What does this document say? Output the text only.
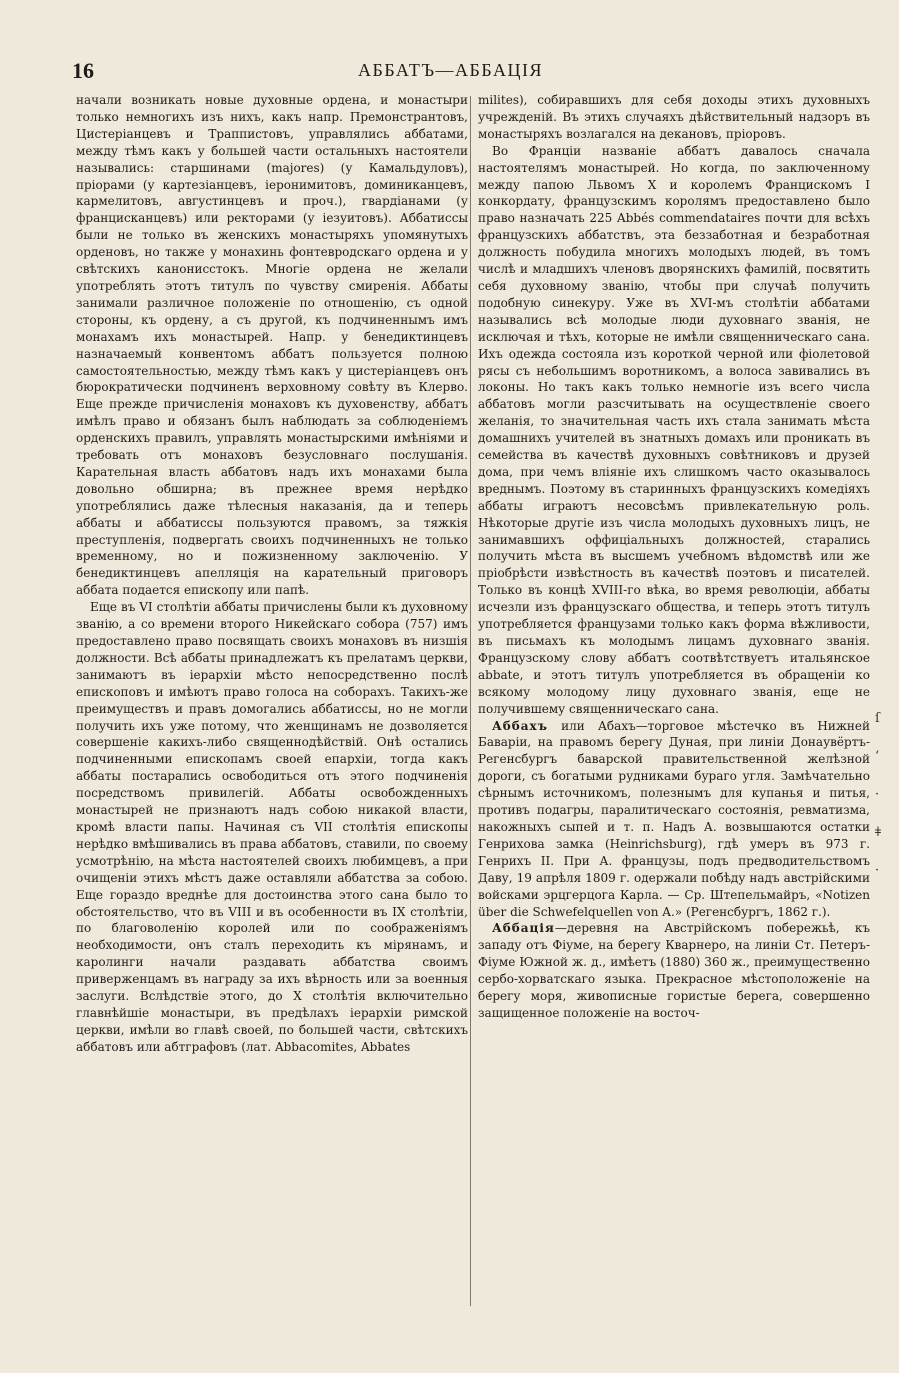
16	АББАТЪ—АББАЦІЯ

начали возникать новые духовные ордена, и монастыри только немногихъ изъ нихъ, какъ напр. Премонстрантовъ, Цистеріанцевъ и Траппистовъ, управлялись аббатами, между тѣмъ какъ у большей части остальныхъ настоятели назывались: старшинами (majores) (у Камальдуловъ), пріорами (у картезіанцевъ, іеронимитовъ, доминиканцевъ, кармелитовъ, августинцевъ и проч.), гвардіанами (у францисканцевъ) или ректорами (у іезуитовъ). Аббатиссы были не только въ женскихъ монастыряхъ упомянутыхъ орденовъ, но также у монахинь фонтевродскаго ордена и у свѣтскихъ канонисстокъ. Многіе ордена не желали употреблять этотъ титулъ по чувству смиренія. Аббаты занимали различное положеніе по отношенію, съ одной стороны, къ ордену, а съ другой, къ подчиненнымъ имъ монахамъ ихъ монастырей. Напр. у бенедиктинцевъ назначаемый конвентомъ аббатъ пользуется полною самостоятельностью, между тѣмъ какъ у цистеріанцевъ онъ бюрократически подчиненъ верховному совѣту въ Клерво. Еще прежде причисленія монаховъ къ духовенству, аббатъ имѣлъ право и обязанъ былъ наблюдать за соблюденіемъ орденскихъ правилъ, управлять монастырскими имѣніями и требовать отъ монаховъ безусловнаго послушанія. Карательная власть аббатовъ надъ ихъ монахами была довольно обширна; въ прежнее время нерѣдко употреблялись даже тѣлесныя наказанія, да и теперь аббаты и аббатиссы пользуются правомъ, за тяжкія преступленія, подвергать своихъ подчиненныхъ не только временному, но и пожизненному заключенію. У бенедиктинцевъ апелляція на карательный приговоръ аббата подается епископу или папѣ.

Еще въ VI столѣтіи аббаты причислены были къ духовному званію, а со времени второго Никейскаго собора (757) имъ предоставлено право посвящать своихъ монаховъ въ низшія должности. Всѣ аббаты принадлежатъ къ прелатамъ церкви, занимаютъ въ іерархіи мѣсто непосредственно послѣ епископовъ и имѣютъ право голоса на соборахъ. Такихъ-же преимуществъ и правъ домогались аббатиссы, но не могли получить ихъ уже потому, что женщинамъ не дозволяется совершеніе какихъ-либо священнодѣйствій. Онѣ остались подчиненными епископамъ своей епархіи, тогда какъ аббаты постарались освободиться отъ этого подчиненія посредствомъ привилегій. Аббаты освобожденныхъ монастырей не признаютъ надъ собою никакой власти, кромѣ власти папы. Начиная съ VII столѣтія епископы нерѣдко вмѣшивались въ права аббатовъ, ставили, по своему усмотрѣнію, на мѣста настоятелей своихъ любимцевъ, а при очищеніи этихъ мѣстъ даже оставляли аббатства за собою. Еще гораздо вреднѣе для достоинства этого сана было то обстоятельство, что въ VIII и въ особенности въ IX столѣтіи, по благоволенію королей или по соображеніямъ необходимости, онъ сталъ переходить къ мірянамъ, и каролинги начали раздавать аббатства своимъ приверженцамъ въ награду за ихъ вѣрность или за военныя заслуги. Вслѣдствіе этого, до X столѣтія включительно главнѣйшіе монастыри, въ предѣлахъ іерархіи римской церкви, имѣли во главѣ своей, по большей части, свѣтскихъ аббатовъ или абтграфовъ (лат. Abbacomites, Abbates

milites), собиравшихъ для себя доходы этихъ духовныхъ учрежденій. Въ этихъ случаяхъ дѣйствительный надзоръ въ монастыряхъ возлагался на декановъ, пріоровъ.

Во Франціи названіе аббатъ давалось сначала настоятелямъ монастырей. Но когда, по заключенному между папою Львомъ X и королемъ Францискомъ I конкордату, французскимъ королямъ предоставлено было право назначать 225 Abbés commendataires почти для всѣхъ французскихъ аббатствъ, эта беззаботная и безработная должность побудила многихъ молодыхъ людей, въ томъ числѣ и младшихъ членовъ дворянскихъ фамилій, посвятить себя духовному званію, чтобы при случаѣ получить подобную синекуру. Уже въ XVI-мъ столѣтіи аббатами назывались всѣ молодые люди духовнаго званія, не исключая и тѣхъ, которые не имѣли священническаго сана. Ихъ одежда состояла изъ короткой черной или фіолетовой рясы съ небольшимъ воротникомъ, а волоса завивались въ локоны. Но такъ какъ только немногіе изъ всего числа аббатовъ могли разсчитывать на осуществленіе своего желанія, то значительная часть ихъ стала занимать мѣста домашнихъ учителей въ знатныхъ домахъ или проникать въ семейства въ качествѣ духовныхъ совѣтниковъ и друзей дома, при чемъ вліяніе ихъ слишкомъ часто оказывалось вреднымъ. Поэтому въ старинныхъ французскихъ комедіяхъ аббаты играютъ несовсѣмъ привлекательную роль. Нѣкоторые другіе изъ числа молодыхъ духовныхъ лицъ, не занимавшихъ оффиціальныхъ должностей, старались получить мѣста въ высшемъ учебномъ вѣдомствѣ или же пріобрѣсти извѣстность въ качествѣ поэтовъ и писателей. Только въ концѣ XVIII-го вѣка, во время революціи, аббаты исчезли изъ французскаго общества, и теперь этотъ титулъ употребляется французами только какъ форма вѣжливости, въ письмахъ къ молодымъ лицамъ духовнаго званія. Французскому слову аббатъ соотвѣтствуетъ итальянское abbate, и этотъ титулъ употребляется въ обращеніи ко всякому молодому лицу духовнаго званія, еще не получившему священническаго сана.

Аббахъ или Абахъ—торговое мѣстечко въ Нижней Баваріи, на правомъ берегу Дуная, при линіи Донаувёртъ-Регенсбургъ баварской правительственной желѣзной дороги, съ богатыми рудниками бураго угля. Замѣчательно сѣрнымъ источникомъ, полезнымъ для купанья и питья, противъ подагры, паралитическаго состоянія, ревматизма, накожныхъ сыпей и т. п. Надъ А. возвышаются остатки Генрихова замка (Heinrichsburg), гдѣ умеръ въ 973 г. Генрихъ II. При А. французы, подъ предводительствомъ Даву, 19 апрѣля 1809 г. одержали побѣду надъ австрійскими войсками эрцгерцога Карла. — Ср. Штепельмайръ, «Notizen über die Schwefelquellen von A.» (Регенсбургъ, 1862 г.).

Аббація—деревня на Австрійскомъ побережьѣ, къ западу отъ Фіуме, на берегу Кварнеро, на линіи Ст. Петеръ-Фіуме Южной ж. д., имѣетъ (1880) 360 ж., преимущественно сербо-хорватскаго языка. Прекрасное мѣстоположеніе на берегу моря, живописные гористые берега, совершенно защищенное положеніе на восточ-

ſ
‘
·
ǂ
·
